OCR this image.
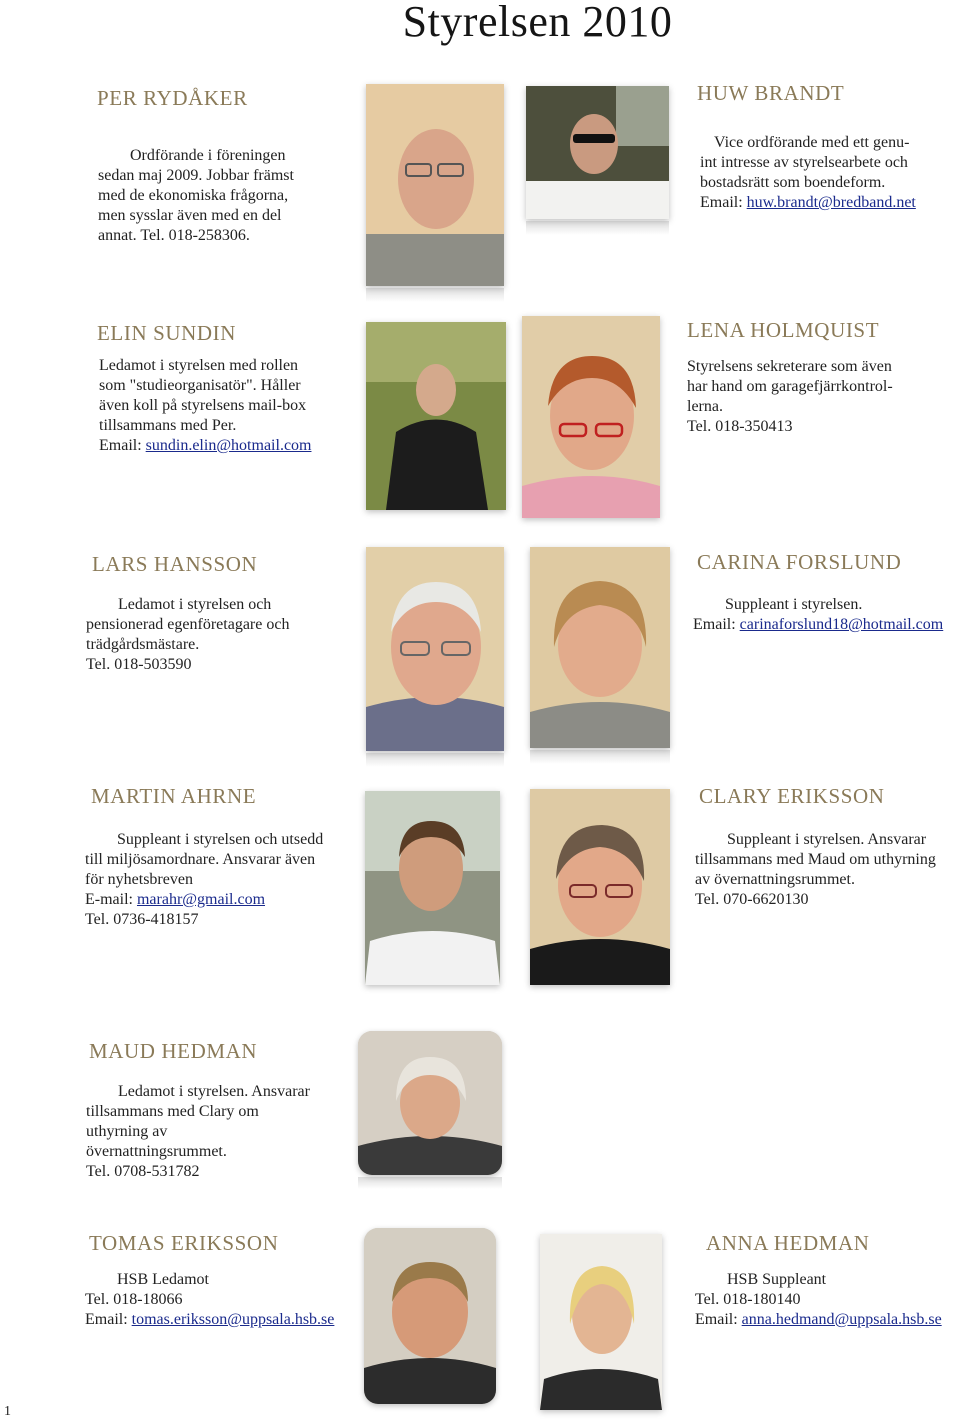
Styrelsen 2010
PER RYDÅKER

Ordförande i föreningen

sedan maj 2009. Jobbar främst

med de ekonomiska frågorna,

men sysslar även med en del

annat. Tel. 018-258306.

HUW BRANDT

Vice ordförande med ett genu-

int intresse av styrelsearbete och

bostadsrätt som boendeform.

Email: huw.brandt@bredband.net

ELIN SUNDIN

Ledamot i styrelsen med rollen

som "studieorganisatör". Håller

även koll på styrelsens mail-box

tillsammans med Per.

Email: sundin.elin@hotmail.com

LENA HOLMQUIST

Styrelsens sekreterare som även

har hand om garagefjärrkontrol-

lerna.

Tel. 018-350413

LARS HANSSON

Ledamot i styrelsen och

pensionerad egenföretagare och

trädgårdsmästare.

Tel. 018-503590

CARINA FORSLUND

Suppleant i styrelsen.

Email: carinaforslund18@hotmail.com

MARTIN AHRNE

Suppleant i styrelsen och utsedd

till miljösamordnare. Ansvarar även

för nyhetsbreven

E-mail: marahr@gmail.com

Tel. 0736-418157

CLARY ERIKSSON

Suppleant i styrelsen. Ansvarar

tillsammans med Maud om uthyrning

av övernattningsrummet.

Tel. 070-6620130

MAUD HEDMAN

Ledamot i styrelsen. Ansvarar

tillsammans med Clary om

uthyrning av

övernattningsrummet.

Tel. 0708-531782

TOMAS ERIKSSON

HSB Ledamot

Tel. 018-18066

Email: tomas.eriksson@uppsala.hsb.se

ANNA HEDMAN

HSB Suppleant

Tel. 018-180140

Email: anna.hedmand@uppsala.hsb.se

1
